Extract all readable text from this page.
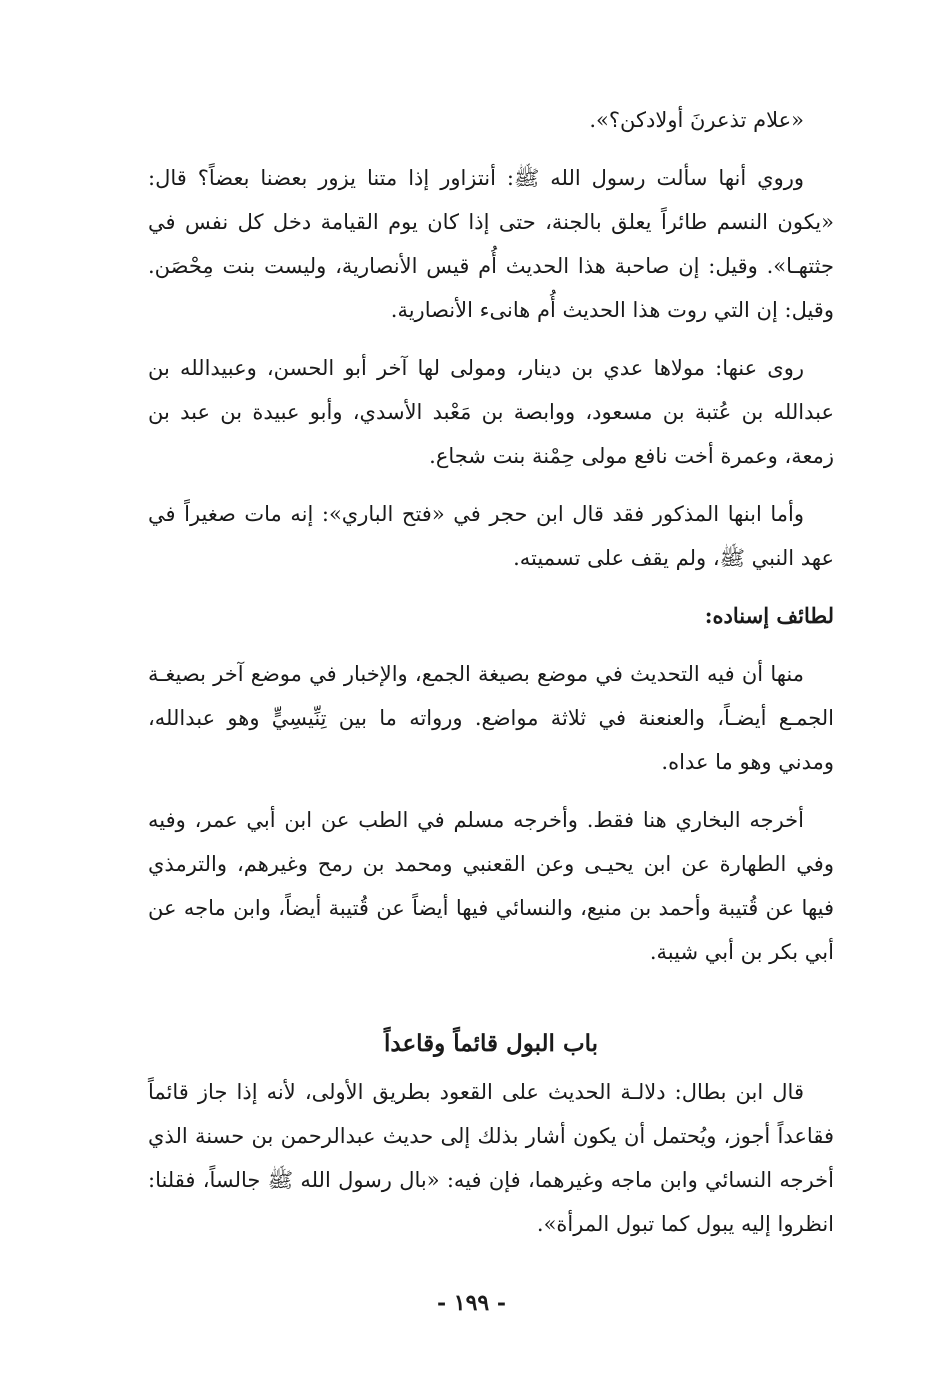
«علام تذعرنَ أولادكن؟».

وروي أنها سألت رسول الله ﷺ: أنتزاور إذا متنا يزور بعضنا بعضاً؟ قال: «يكون النسم طائراً يعلق بالجنة، حتى إذا كان يوم القيامة دخل كل نفس في جثتهـا». وقيل: إن صاحبة هذا الحديث أُم قيس الأنصارية، وليست بنت مِحْصَن. وقيل: إن التي روت هذا الحديث أُم هانىء الأنصارية.

روى عنها: مولاها عدي بن دينار، ومولى لها آخر أبو الحسن، وعبيدالله بن عبدالله بن عُتبة بن مسعود، ووابصة بن مَعْبد الأسدي، وأبو عبيدة بن عبد بن زمعة، وعمرة أخت نافع مولى حِمْنة بنت شجاع.

وأما ابنها المذكور فقد قال ابن حجر في «فتح الباري»: إنه مات صغيراً في عهد النبي ﷺ، ولم يقف على تسميته.

لطائف إسناده:

منها أن فيه التحديث في موضع بصيغة الجمع، والإخبار في موضع آخر بصيغـة الجمـع أيضـاً، والعنعنة في ثلاثة مواضع. ورواته ما بين تِنِّيسِيٍّ وهو عبدالله، ومدني وهو ما عداه.

أخرجه البخاري هنا فقط. وأخرجه مسلم في الطب عن ابن أبي عمر، وفيه وفي الطهارة عن ابن يحيـى وعن القعنبي ومحمد بن رمح وغيرهم، والترمذي فيها عن قُتيبة وأحمد بن منيع، والنسائي فيها أيضاً عن قُتيبة أيضاً، وابن ماجه عن أبي بكر بن أبي شيبة.

باب البول قائماً وقاعداً

قال ابن بطال: دلالـة الحديث على القعود بطريق الأولى، لأنه إذا جاز قائماً فقاعداً أجوز، ويُحتمل أن يكون أشار بذلك إلى حديث عبدالرحمن بن حسنة الذي أخرجه النسائي وابن ماجه وغيرهما، فإن فيه: «بال رسول الله ﷺ جالساً، فقلنا: انظروا إليه يبول كما تبول المرأة».

- ١٩٩ -
